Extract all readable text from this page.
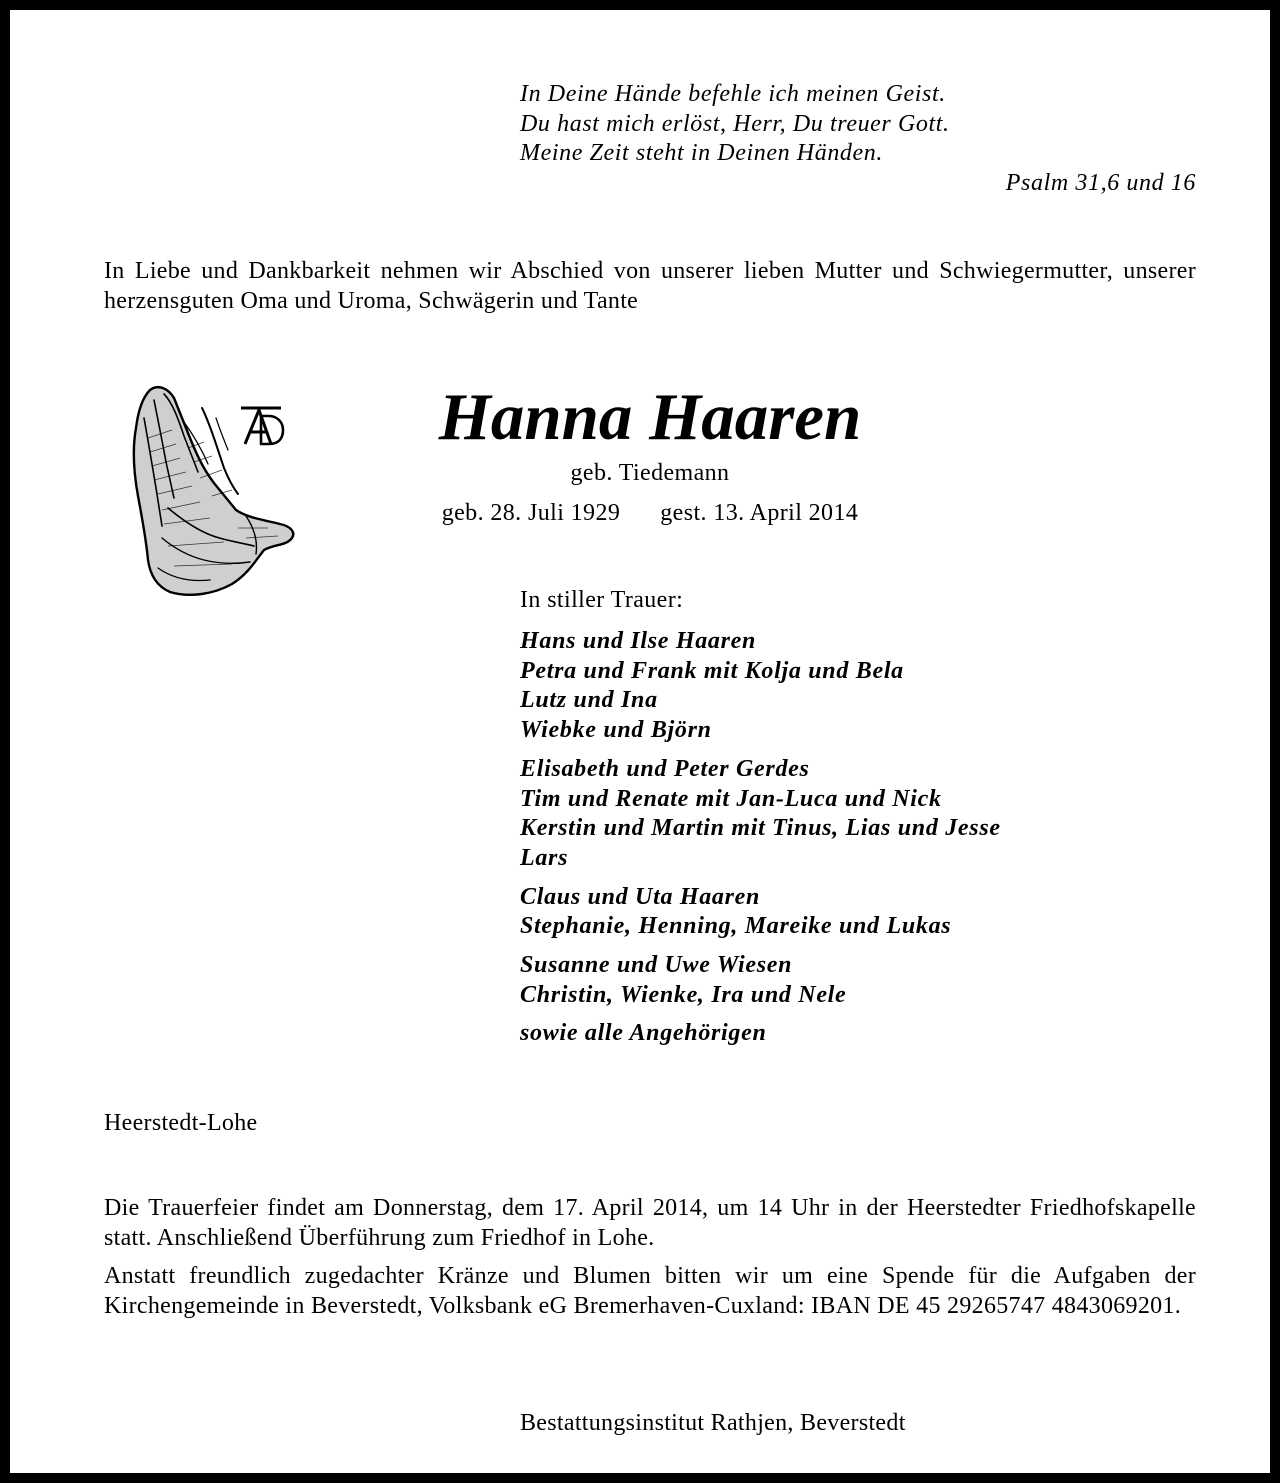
In Deine Hände befehle ich meinen Geist.
Du hast mich erlöst, Herr, Du treuer Gott.
Meine Zeit steht in Deinen Händen.
Psalm 31,6 und 16
In Liebe und Dankbarkeit nehmen wir Abschied von unserer lieben Mutter und Schwiegermutter, unserer herzensguten Oma und Uroma, Schwägerin und Tante
Hanna Haaren
geb. Tiedemann
geb. 28. Juli 1929 gest. 13. April 2014
In stiller Trauer:
Hans und Ilse Haaren
Petra und Frank mit Kolja und Bela
Lutz und Ina
Wiebke und Björn
Elisabeth und Peter Gerdes
Tim und Renate mit Jan-Luca und Nick
Kerstin und Martin mit Tinus, Lias und Jesse
Lars
Claus und Uta Haaren
Stephanie, Henning, Mareike und Lukas
Susanne und Uwe Wiesen
Christin, Wienke, Ira und Nele
sowie alle Angehörigen
Heerstedt-Lohe
Die Trauerfeier findet am Donnerstag, dem 17. April 2014, um 14 Uhr in der Heerstedter Friedhofskapelle statt. Anschließend Überführung zum Friedhof in Lohe.
Anstatt freundlich zugedachter Kränze und Blumen bitten wir um eine Spende für die Aufgaben der Kirchengemeinde in Beverstedt, Volksbank eG Bremerhaven-Cuxland: IBAN DE 45 29265747 4843069201.
Bestattungsinstitut Rathjen, Beverstedt
